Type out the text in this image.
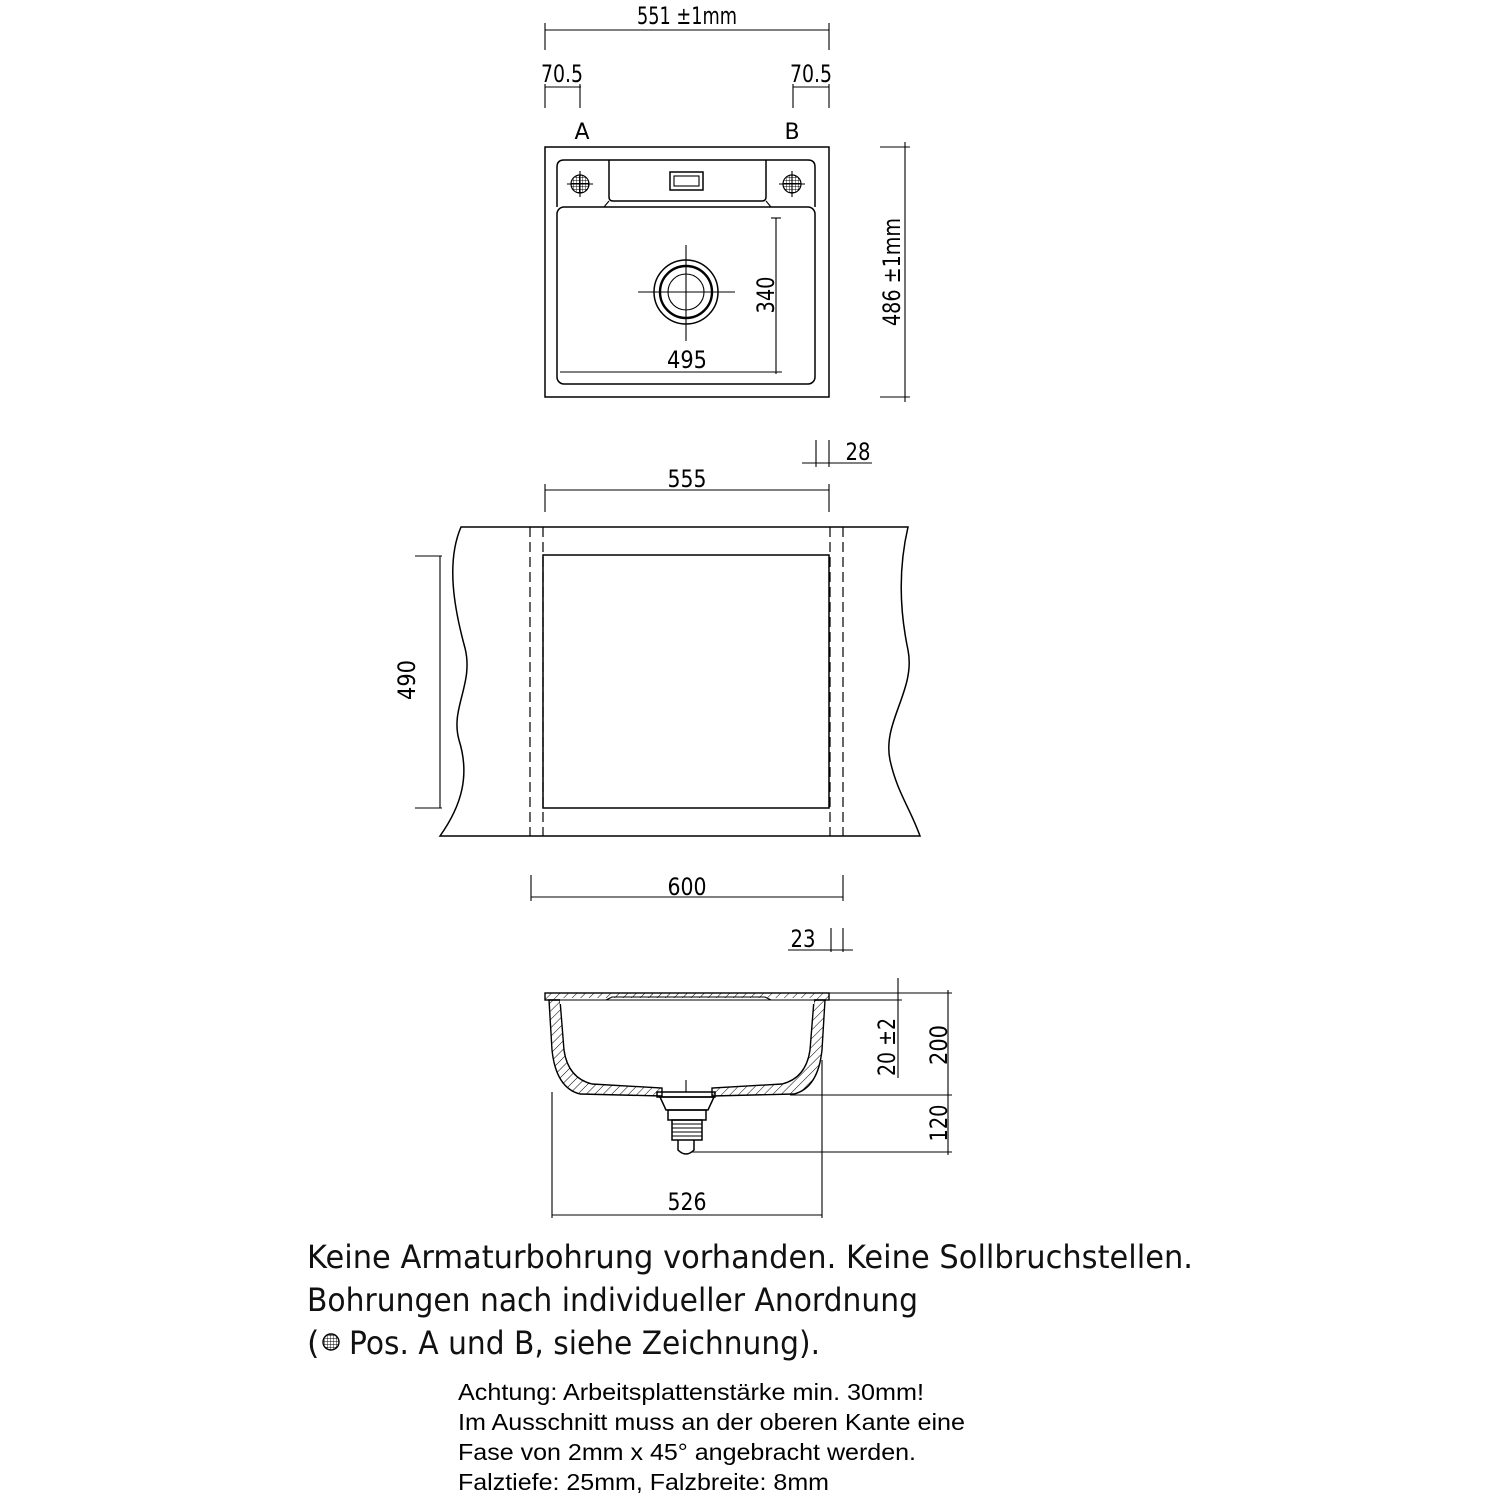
551 ±1mm
70.5	70.5
A	B
340
495
486 ±1mm
28
555
490
600
23
20 ±2 200
120
526
Keine Armaturbohrung vorhanden. Keine Sollbruchstellen.
Bohrungen nach individueller Anordnung
( Pos. A und B, siehe Zeichnung).
Achtung: Arbeitsplattenstärke min. 30mm!
Im Ausschnitt muss an der oberen Kante eine
Fase von 2mm x 45° angebracht werden.
Falztiefe: 25mm, Falzbreite: 8mm
